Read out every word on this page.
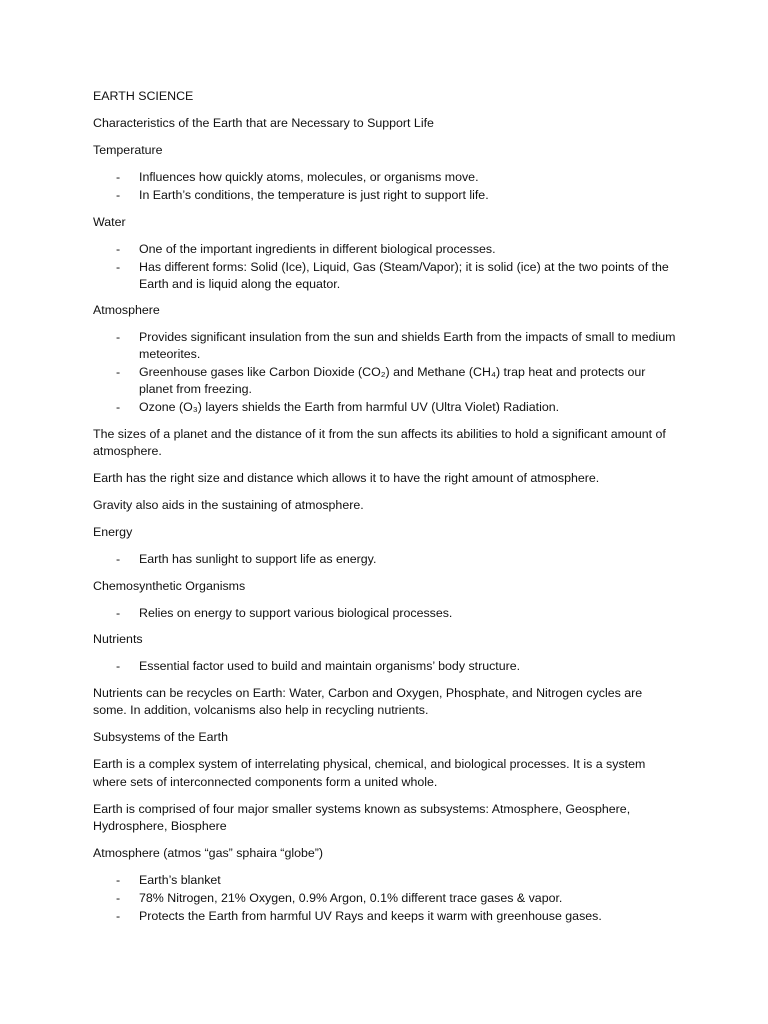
EARTH SCIENCE

Characteristics of the Earth that are Necessary to Support Life

Temperature

- Influences how quickly atoms, molecules, or organisms move.
- In Earth’s conditions, the temperature is just right to support life.

Water

- One of the important ingredients in different biological processes.
- Has different forms: Solid (Ice), Liquid, Gas (Steam/Vapor); it is solid (ice) at the two points of the Earth and is liquid along the equator.

Atmosphere

- Provides significant insulation from the sun and shields Earth from the impacts of small to medium meteorites.
- Greenhouse gases like Carbon Dioxide (CO₂) and Methane (CH₄) trap heat and protects our planet from freezing.
- Ozone (O₃) layers shields the Earth from harmful UV (Ultra Violet) Radiation.

The sizes of a planet and the distance of it from the sun affects its abilities to hold a significant amount of atmosphere.

Earth has the right size and distance which allows it to have the right amount of atmosphere.

Gravity also aids in the sustaining of atmosphere.

Energy

- Earth has sunlight to support life as energy.

Chemosynthetic Organisms

- Relies on energy to support various biological processes.

Nutrients

- Essential factor used to build and maintain organisms’ body structure.

Nutrients can be recycles on Earth: Water, Carbon and Oxygen, Phosphate, and Nitrogen cycles are some. In addition, volcanisms also help in recycling nutrients.

Subsystems of the Earth

Earth is a complex system of interrelating physical, chemical, and biological processes. It is a system where sets of interconnected components form a united whole.

Earth is comprised of four major smaller systems known as subsystems: Atmosphere, Geosphere, Hydrosphere, Biosphere

Atmosphere (atmos “gas” sphaira “globe”)

- Earth’s blanket
- 78% Nitrogen, 21% Oxygen, 0.9% Argon, 0.1% different trace gases & vapor.
- Protects the Earth from harmful UV Rays and keeps it warm with greenhouse gases.
